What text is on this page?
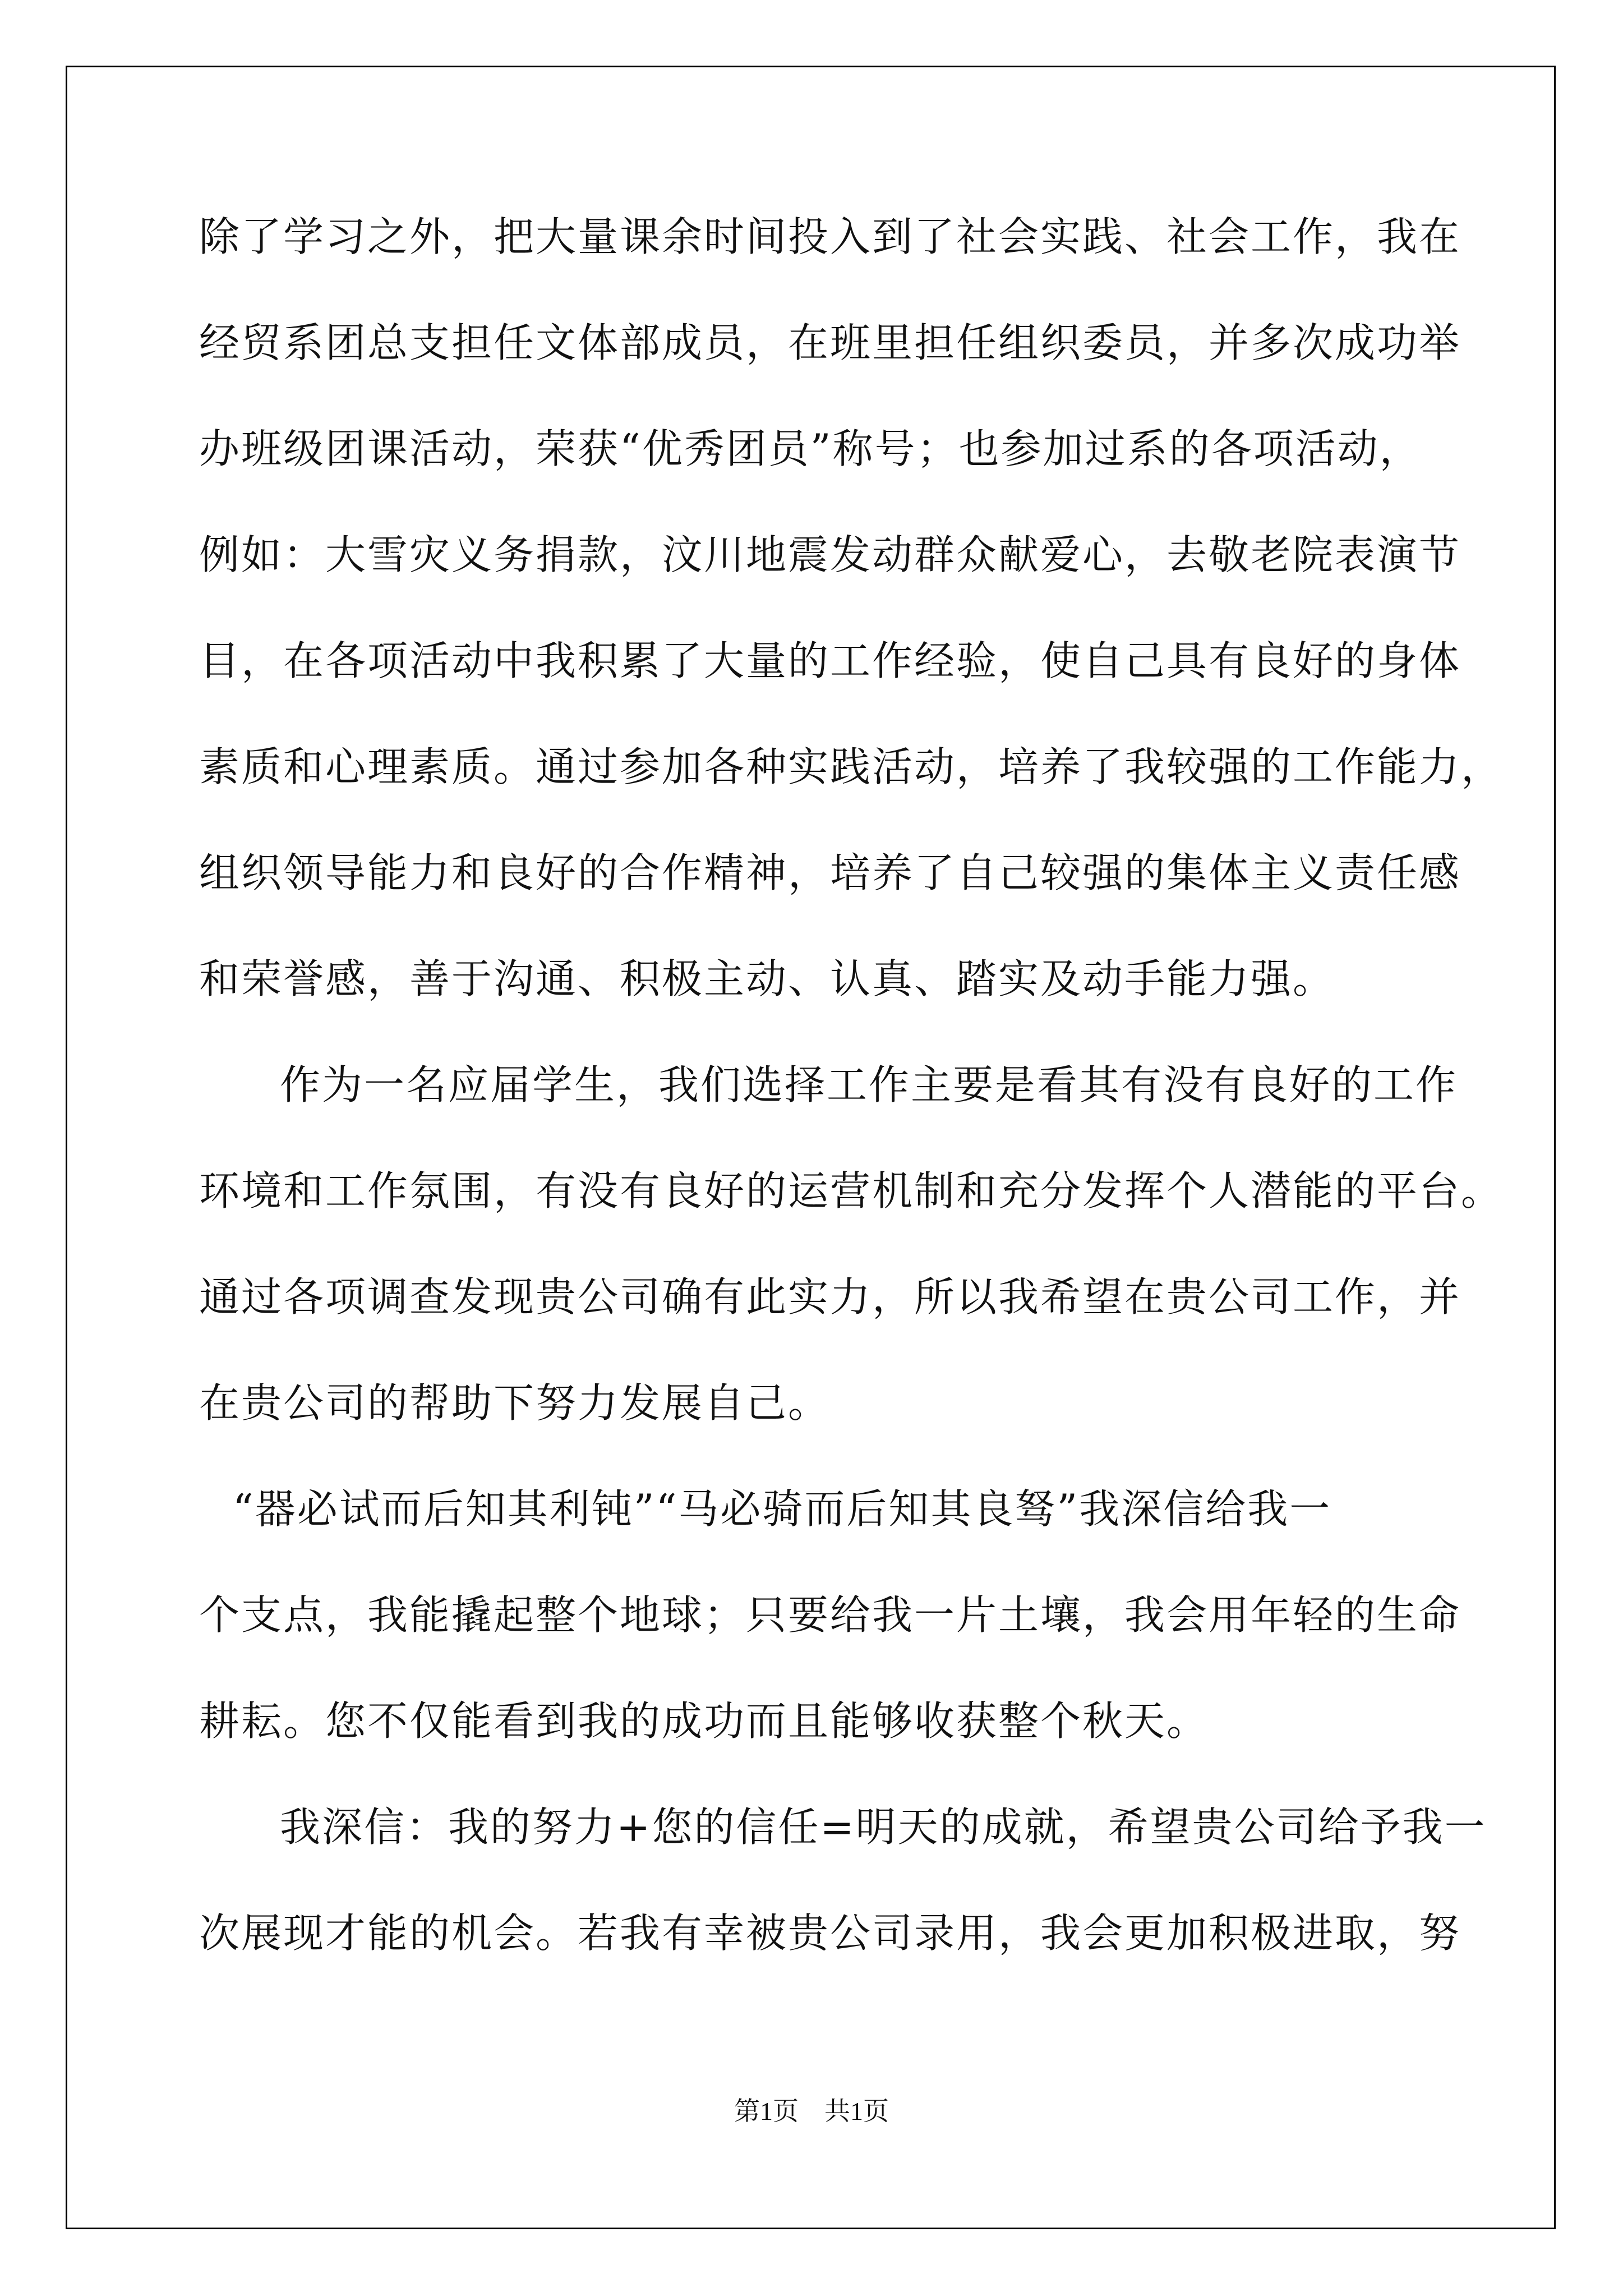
除了学习之外，把大量课余时间投入到了社会实践、社会工作，我在
经贸系团总支担任文体部成员，在班里担任组织委员，并多次成功举
办班级团课活动，荣获“优秀团员”称号；也参加过系的各项活动，
例如：大雪灾义务捐款，汶川地震发动群众献爱心，去敬老院表演节
目，在各项活动中我积累了大量的工作经验，使自己具有良好的身体
素质和心理素质。通过参加各种实践活动，培养了我较强的工作能力，
组织领导能力和良好的合作精神，培养了自己较强的集体主义责任感
和荣誉感，善于沟通、积极主动、认真、踏实及动手能力强。
作为一名应届学生，我们选择工作主要是看其有没有良好的工作
环境和工作氛围，有没有良好的运营机制和充分发挥个人潜能的平台。
通过各项调查发现贵公司确有此实力，所以我希望在贵公司工作，并
在贵公司的帮助下努力发展自己。
“器必试而后知其利钝”“马必骑而后知其良驽”我深信给我一
个支点，我能撬起整个地球；只要给我一片土壤，我会用年轻的生命
耕耘。您不仅能看到我的成功而且能够收获整个秋天。
我深信：我的努力+您的信任=明天的成就，希望贵公司给予我一
次展现才能的机会。若我有幸被贵公司录用，我会更加积极进取，努
第1页　共1页
